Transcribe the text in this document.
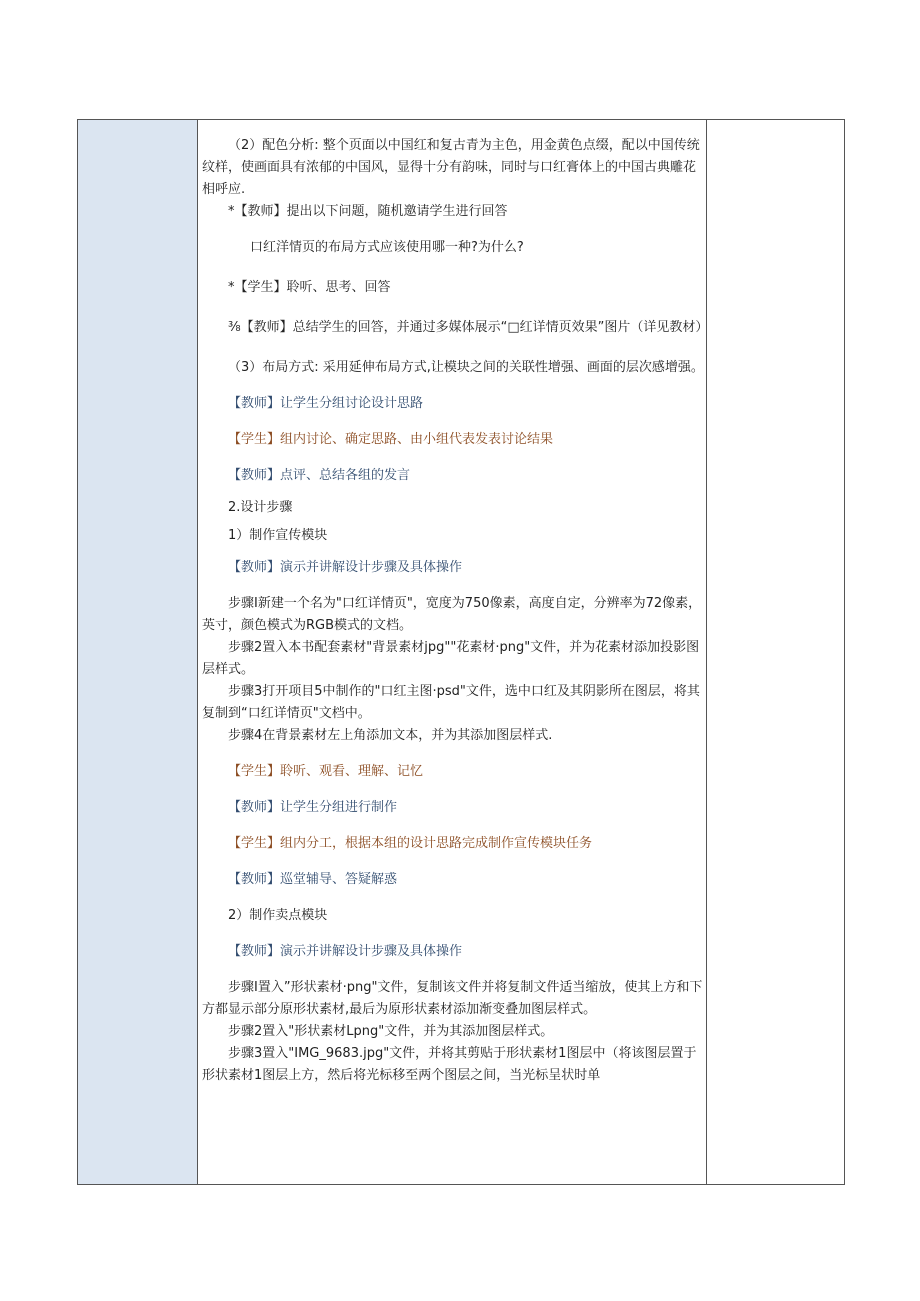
（2）配色分析: 整个页面以中国红和复古青为主色，用金黄色点缀，配以中国传统纹样，使画面具有浓郁的中国风，显得十分有韵味，同时与口红膏体上的中国古典雕花相呼应.

*【教师】提出以下问题，随机邀请学生进行回答

口红洋情页的布局方式应该使用哪一种?为什么?

*【学生】聆听、思考、回答

⅜【教师】总结学生的回答，并通过多媒体展示“□红详情页效果”图片（详见教材）

（3）布局方式: 采用延伸布局方式,让模块之间的关联性增强、画面的层次感增强。

【教师】让学生分组讨论设计思路

【学生】组内讨论、确定思路、由小组代表发表讨论结果

【教师】点评、总结各组的发言

2.设计步骤

1）制作宣传模块

【教师】演示并讲解设计步骤及具体操作

步骤I新建一个名为"口红详情页"，宽度为750像素，高度自定，分辨率为72像素，英寸，颜色模式为RGB模式的文档。

步骤2置入本书配套素材"背景素材jpg""花素材·png"文件，并为花素材添加投影图层样式。

步骤3打开项目5中制作的"口红主图·psd"文件，选中口红及其阴影所在图层，将其复制到“口红详情页"文档中。

步骤4在背景素材左上角添加文本，并为其添加图层样式.

【学生】聆听、观看、理解、记忆

【教师】让学生分组进行制作

【学生】组内分工，根据本组的设计思路完成制作宣传模块任务

【教师】巡堂辅导、答疑解惑

2）制作卖点模块

【教师】演示并讲解设计步骤及具体操作

步骤I置入”形状素材·png"文件，复制该文件并将复制文件适当缩放，使其上方和下方都显示部分原形状素材,最后为原形状素材添加渐变叠加图层样式。

步骤2置入"形状素材Lpng"文件，并为其添加图层样式。

步骤3置入"IMG_9683.jpg"文件，并将其剪贴于形状素材1图层中（将该图层置于形状素材1图层上方，然后将光标移至两个图层之间，当光标呈状时单
